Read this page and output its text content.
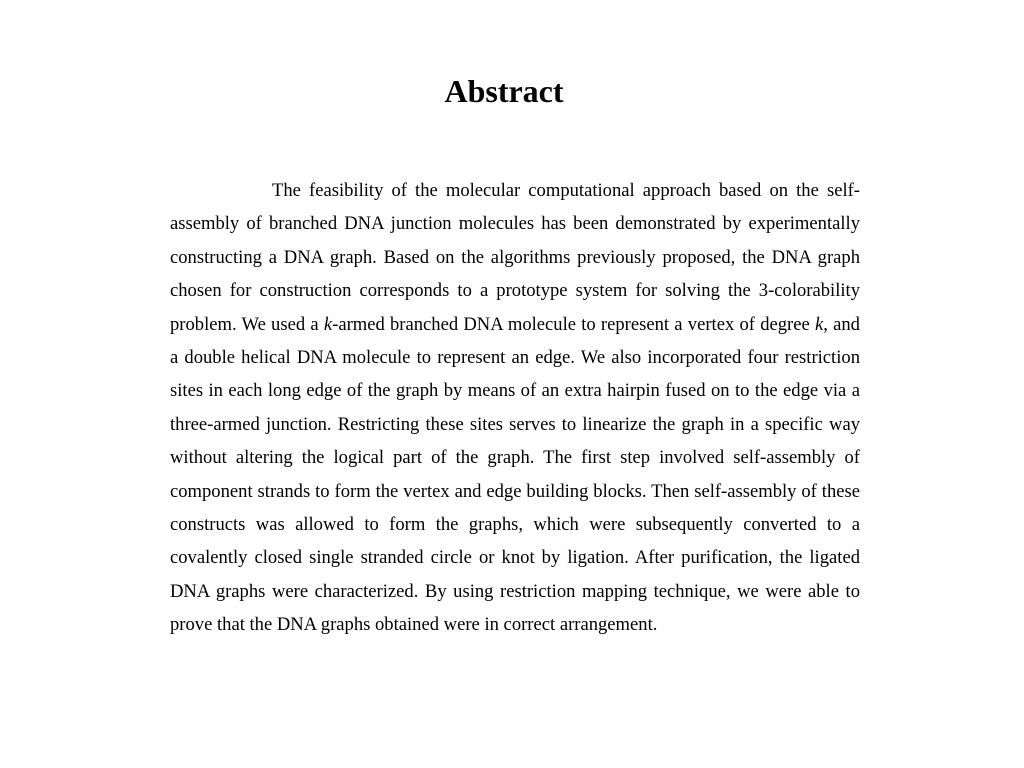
Abstract

The feasibility of the molecular computational approach based on the self-assembly of branched DNA junction molecules has been demonstrated by experimentally constructing a DNA graph. Based on the algorithms previously proposed, the DNA graph chosen for construction corresponds to a prototype system for solving the 3-colorability problem. We used a k-armed branched DNA molecule to represent a vertex of degree k, and a double helical DNA molecule to represent an edge. We also incorporated four restriction sites in each long edge of the graph by means of an extra hairpin fused on to the edge via a three-armed junction. Restricting these sites serves to linearize the graph in a specific way without altering the logical part of the graph. The first step involved self-assembly of component strands to form the vertex and edge building blocks. Then self-assembly of these constructs was allowed to form the graphs, which were subsequently converted to a covalently closed single stranded circle or knot by ligation. After purification, the ligated DNA graphs were characterized. By using restriction mapping technique, we were able to prove that the DNA graphs obtained were in correct arrangement.
